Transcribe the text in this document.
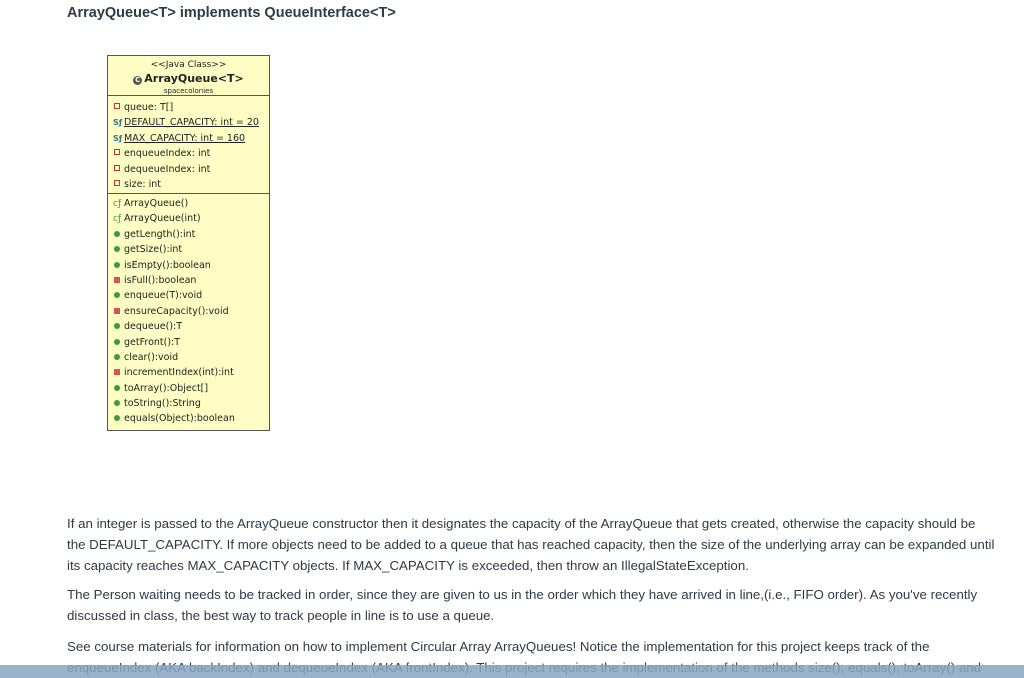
ArrayQueue<T> implements QueueInterface<T>
<<Java Class>>
C ArrayQueue<T>
spacecolonies
queue: T[]
Sƒ DEFAULT_CAPACITY: int = 20
Sƒ MAX_CAPACITY: int = 160
enqueueIndex: int
dequeueIndex: int
size: int
cƒ ArrayQueue()
cƒ ArrayQueue(int)
getLength():int
getSize():int
isEmpty():boolean
isFull():boolean
enqueue(T):void
ensureCapacity():void
dequeue():T
getFront():T
clear():void
incrementIndex(int):int
toArray():Object[]
toString():String
equals(Object):boolean

If an integer is passed to the ArrayQueue constructor then it designates the capacity of the ArrayQueue that gets created, otherwise the capacity should be the DEFAULT_CAPACITY. If more objects need to be added to a queue that has reached capacity, then the size of the underlying array can be expanded until its capacity reaches MAX_CAPACITY objects. If MAX_CAPACITY is exceeded, then throw an IllegalStateException.

The Person waiting needs to be tracked in order, since they are given to us in the order which they have arrived in line,(i.e., FIFO order). As you've recently discussed in class, the best way to track people in line is to use a queue.

See course materials for information on how to implement Circular Array ArrayQueues! Notice the implementation for this project keeps track of the
